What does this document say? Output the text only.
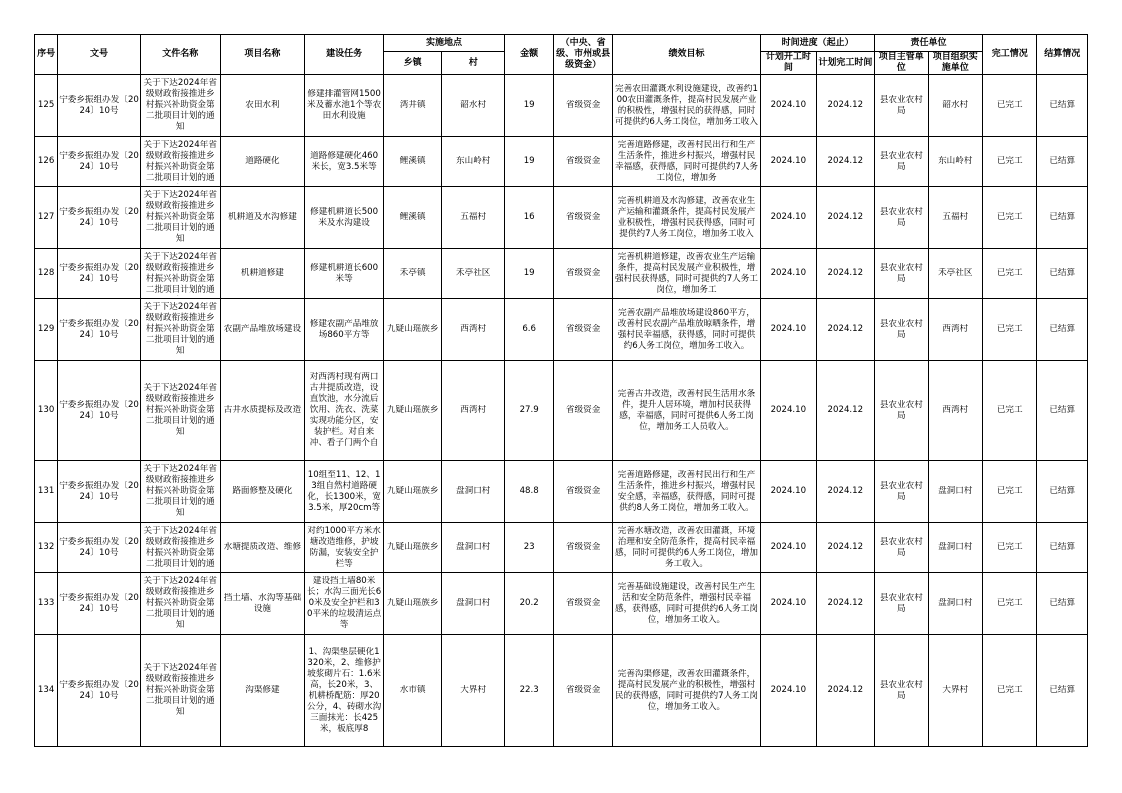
序号	文号	文件名称	项目名称	建设任务	实施地点		金额	（中央、省级、市州或县级资金）	绩效目标	时间进度（起止）		责任单位		完工情况	结算情况
					乡镇	村				计划开工时间	计划完工时间	项目主管单位	项目组织实施单位		

125	宁委乡振组办发〔2024〕10号	关于下达2024年省级财政衔接推进乡村振兴补助资金第二批项目计划的通知	农田水利	修建排灌管网1500米及蓄水池1个等农田水利设施	湾井镇	韶水村	19	省级资金	完善农田灌溉水利设施建设，改善约100农田灌溉条件，提高村民发展产业的积极性，增强村民的获得感，同时可提供约6人务工岗位，增加务工收入	2024.10	2024.12	县农业农村局	韶水村	已完工	已结算

126	宁委乡振组办发〔2024〕10号	关于下达2024年省级财政衔接推进乡村振兴补助资金第二批项目计划的通	道路硬化	道路修建硬化460米长，宽3.5米等	鲤溪镇	东山岭村	19	省级资金	完善道路修建，改善村民出行和生产生活条件，推进乡村振兴，增强村民幸福感，获得感，同时可提供约7人务工岗位，增加务	2024.10	2024.12	县农业农村局	东山岭村	已完工	已结算

127	宁委乡振组办发〔2024〕10号	关于下达2024年省级财政衔接推进乡村振兴补助资金第二批项目计划的通知	机耕道及水沟修建	修建机耕道长500米及水沟建设	鲤溪镇	五福村	16	省级资金	完善机耕道及水沟修建，改善农业生产运输和灌溉条件，提高村民发展产业积极性，增强村民获得感，同时可提供约7人务工岗位，增加务工收入	2024.10	2024.12	县农业农村局	五福村	已完工	已结算

128	宁委乡振组办发〔2024〕10号	关于下达2024年省级财政衔接推进乡村振兴补助资金第二批项目计划的通	机耕道修建	修建机耕道长600米等	禾亭镇	禾亭社区	19	省级资金	完善机耕道修建，改善农业生产运输条件，提高村民发展产业积极性，增强村民获得感，同时可提供约7人务工岗位，增加务工	2024.10	2024.12	县农业农村局	禾亭社区	已完工	已结算

129	宁委乡振组办发〔2024〕10号	关于下达2024年省级财政衔接推进乡村振兴补助资金第二批项目计划的通知	农副产品堆放场建设	修建农副产品堆放场860平方等	九疑山瑶族乡	西湾村	6.6	省级资金	完善农副产品堆放场建设860平方，改善村民农副产品堆放晾晒条件，增强村民幸福感，获得感，同时可提供约6人务工岗位，增加务工收入。	2024.10	2024.12	县农业农村局	西湾村	已完工	已结算

130	宁委乡振组办发〔2024〕10号	关于下达2024年省级财政衔接推进乡村振兴补助资金第二批项目计划的通知	古井水质提标及改造	对西湾村现有两口古井提质改造，设直饮池，水分流后饮用、洗衣、洗菜实现功能分区，安装护栏。对自来冲、看子门两个自	九疑山瑶族乡	西湾村	27.9	省级资金	完善古井改造，改善村民生活用水条件，提升人居环境，增加村民获得感，幸福感，同时可提供6人务工岗位，增加务工人员收入。	2024.10	2024.12	县农业农村局	西湾村	已完工	已结算

131	宁委乡振组办发〔2024〕10号	关于下达2024年省级财政衔接推进乡村振兴补助资金第二批项目计划的通知	路面修整及硬化	10组至11、12、13组自然村道路硬化，长1300米，宽3.5米，厚20cm等	九疑山瑶族乡	盘洞口村	48.8	省级资金	完善道路修建，改善村民出行和生产生活条件，推进乡村振兴，增强村民安全感，幸福感，获得感，同时可提供约8人务工岗位，增加务工收入。	2024.10	2024.12	县农业农村局	盘洞口村	已完工	已结算

132	宁委乡振组办发〔2024〕10号	关于下达2024年省级财政衔接推进乡村振兴补助资金第二批项目计划的通	水塘提质改造、维修	对约1000平方米水塘改造维修，护坡防漏，安装安全护栏等	九疑山瑶族乡	盘洞口村	23	省级资金	完善水塘改造，改善农田灌溉，环境治理和安全防范条件，提高村民幸福感，同时可提供约6人务工岗位，增加务工收入。	2024.10	2024.12	县农业农村局	盘洞口村	已完工	已结算

133	宁委乡振组办发〔2024〕10号	关于下达2024年省级财政衔接推进乡村振兴补助资金第二批项目计划的通知	挡土墙、水沟等基础设施	建设挡土墙80米长；水沟三面光长60米及安全护栏和30平米的垃圾清运点等	九疑山瑶族乡	盘洞口村	20.2	省级资金	完善基础设施建设，改善村民生产生活和安全防范条件，增强村民幸福感，获得感，同时可提供约6人务工岗位，增加务工收入。	2024.10	2024.12	县农业农村局	盘洞口村	已完工	已结算

134	宁委乡振组办发〔2024〕10号	关于下达2024年省级财政衔接推进乡村振兴补助资金第二批项目计划的通知	沟渠修建	1、沟渠垫层硬化1320米，2、维修护坡浆砌片石：1.6米高，长20米，3、机耕桥配筋：厚20公分，4、砖砌水沟三面抹光：长425米，板底厚8	水市镇	大界村	22.3	省级资金	完善沟渠修建，改善农田灌溉条件，提高村民发展产业的积极性，增强村民的获得感，同时可提供约7人务工岗位，增加务工收入。	2024.10	2024.12	县农业农村局	大界村	已完工	已结算
